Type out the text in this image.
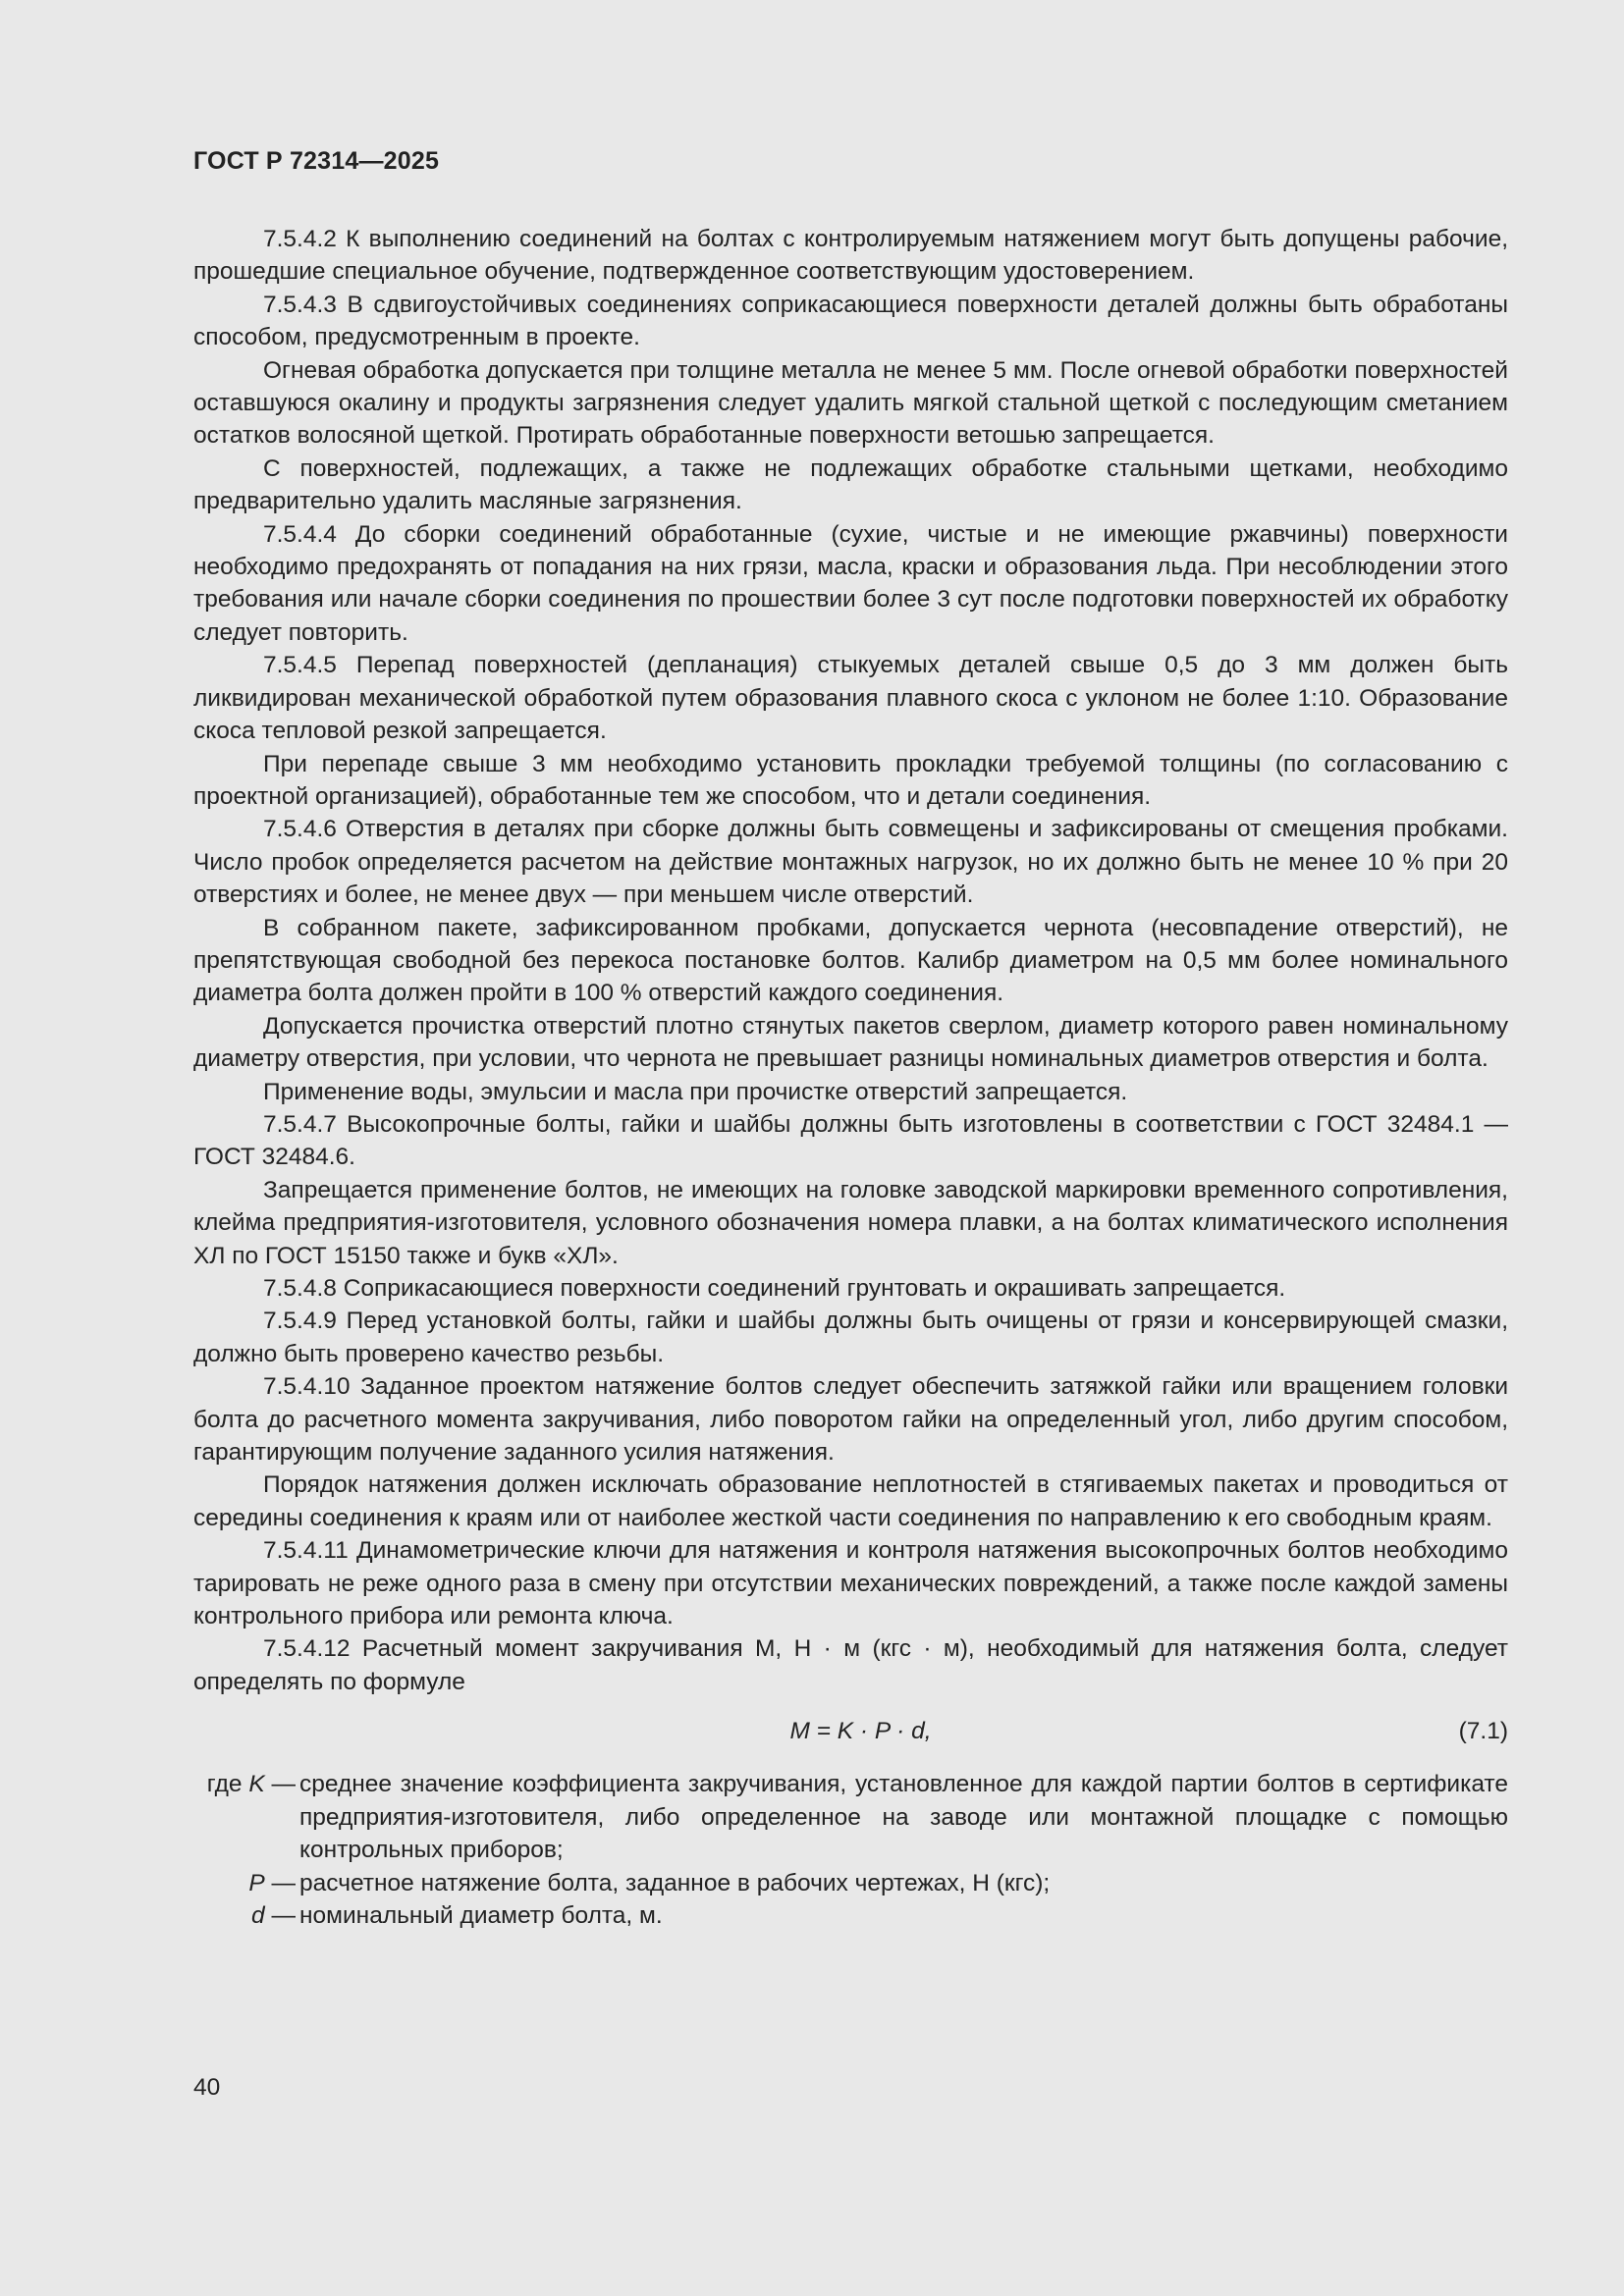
ГОСТ Р 72314—2025

7.5.4.2 К выполнению соединений на болтах с контролируемым натяжением могут быть допущены рабочие, прошедшие специальное обучение, подтвержденное соответствующим удостоверением.

7.5.4.3 В сдвигоустойчивых соединениях соприкасающиеся поверхности деталей должны быть обработаны способом, предусмотренным в проекте.

Огневая обработка допускается при толщине металла не менее 5 мм. После огневой обработки поверхностей оставшуюся окалину и продукты загрязнения следует удалить мягкой стальной щеткой с последующим сметанием остатков волосяной щеткой. Протирать обработанные поверхности ветошью запрещается.

С поверхностей, подлежащих, а также не подлежащих обработке стальными щетками, необходимо предварительно удалить масляные загрязнения.

7.5.4.4 До сборки соединений обработанные (сухие, чистые и не имеющие ржавчины) поверхности необходимо предохранять от попадания на них грязи, масла, краски и образования льда. При несоблюдении этого требования или начале сборки соединения по прошествии более 3 сут после подготовки поверхностей их обработку следует повторить.

7.5.4.5 Перепад поверхностей (депланация) стыкуемых деталей свыше 0,5 до 3 мм должен быть ликвидирован механической обработкой путем образования плавного скоса с уклоном не более 1:10. Образование скоса тепловой резкой запрещается.

При перепаде свыше 3 мм необходимо установить прокладки требуемой толщины (по согласованию с проектной организацией), обработанные тем же способом, что и детали соединения.

7.5.4.6 Отверстия в деталях при сборке должны быть совмещены и зафиксированы от смещения пробками. Число пробок определяется расчетом на действие монтажных нагрузок, но их должно быть не менее 10 % при 20 отверстиях и более, не менее двух — при меньшем числе отверстий.

В собранном пакете, зафиксированном пробками, допускается чернота (несовпадение отверстий), не препятствующая свободной без перекоса постановке болтов. Калибр диаметром на 0,5 мм более номинального диаметра болта должен пройти в 100 % отверстий каждого соединения.

Допускается прочистка отверстий плотно стянутых пакетов сверлом, диаметр которого равен номинальному диаметру отверстия, при условии, что чернота не превышает разницы номинальных диаметров отверстия и болта.

Применение воды, эмульсии и масла при прочистке отверстий запрещается.

7.5.4.7 Высокопрочные болты, гайки и шайбы должны быть изготовлены в соответствии с ГОСТ 32484.1 — ГОСТ 32484.6.

Запрещается применение болтов, не имеющих на головке заводской маркировки временного сопротивления, клейма предприятия-изготовителя, условного обозначения номера плавки, а на болтах климатического исполнения ХЛ по ГОСТ 15150 также и букв «ХЛ».

7.5.4.8 Соприкасающиеся поверхности соединений грунтовать и окрашивать запрещается.

7.5.4.9 Перед установкой болты, гайки и шайбы должны быть очищены от грязи и консервирующей смазки, должно быть проверено качество резьбы.

7.5.4.10 Заданное проектом натяжение болтов следует обеспечить затяжкой гайки или вращением головки болта до расчетного момента закручивания, либо поворотом гайки на определенный угол, либо другим способом, гарантирующим получение заданного усилия натяжения.

Порядок натяжения должен исключать образование неплотностей в стягиваемых пакетах и проводиться от середины соединения к краям или от наиболее жесткой части соединения по направлению к его свободным краям.

7.5.4.11 Динамометрические ключи для натяжения и контроля натяжения высокопрочных болтов необходимо тарировать не реже одного раза в смену при отсутствии механических повреждений, а также после каждой замены контрольного прибора или ремонта ключа.

7.5.4.12 Расчетный момент закручивания М, Н · м (кгс · м), необходимый для натяжения болта, следует определять по формуле

M = K · P · d,	(7.1)
где K — среднее значение коэффициента закручивания, установленное для каждой партии болтов в сертификате предприятия-изготовителя, либо определенное на заводе или монтажной площадке с помощью контрольных приборов;
P — расчетное натяжение болта, заданное в рабочих чертежах, Н (кгс);
d — номинальный диаметр болта, м.
40
